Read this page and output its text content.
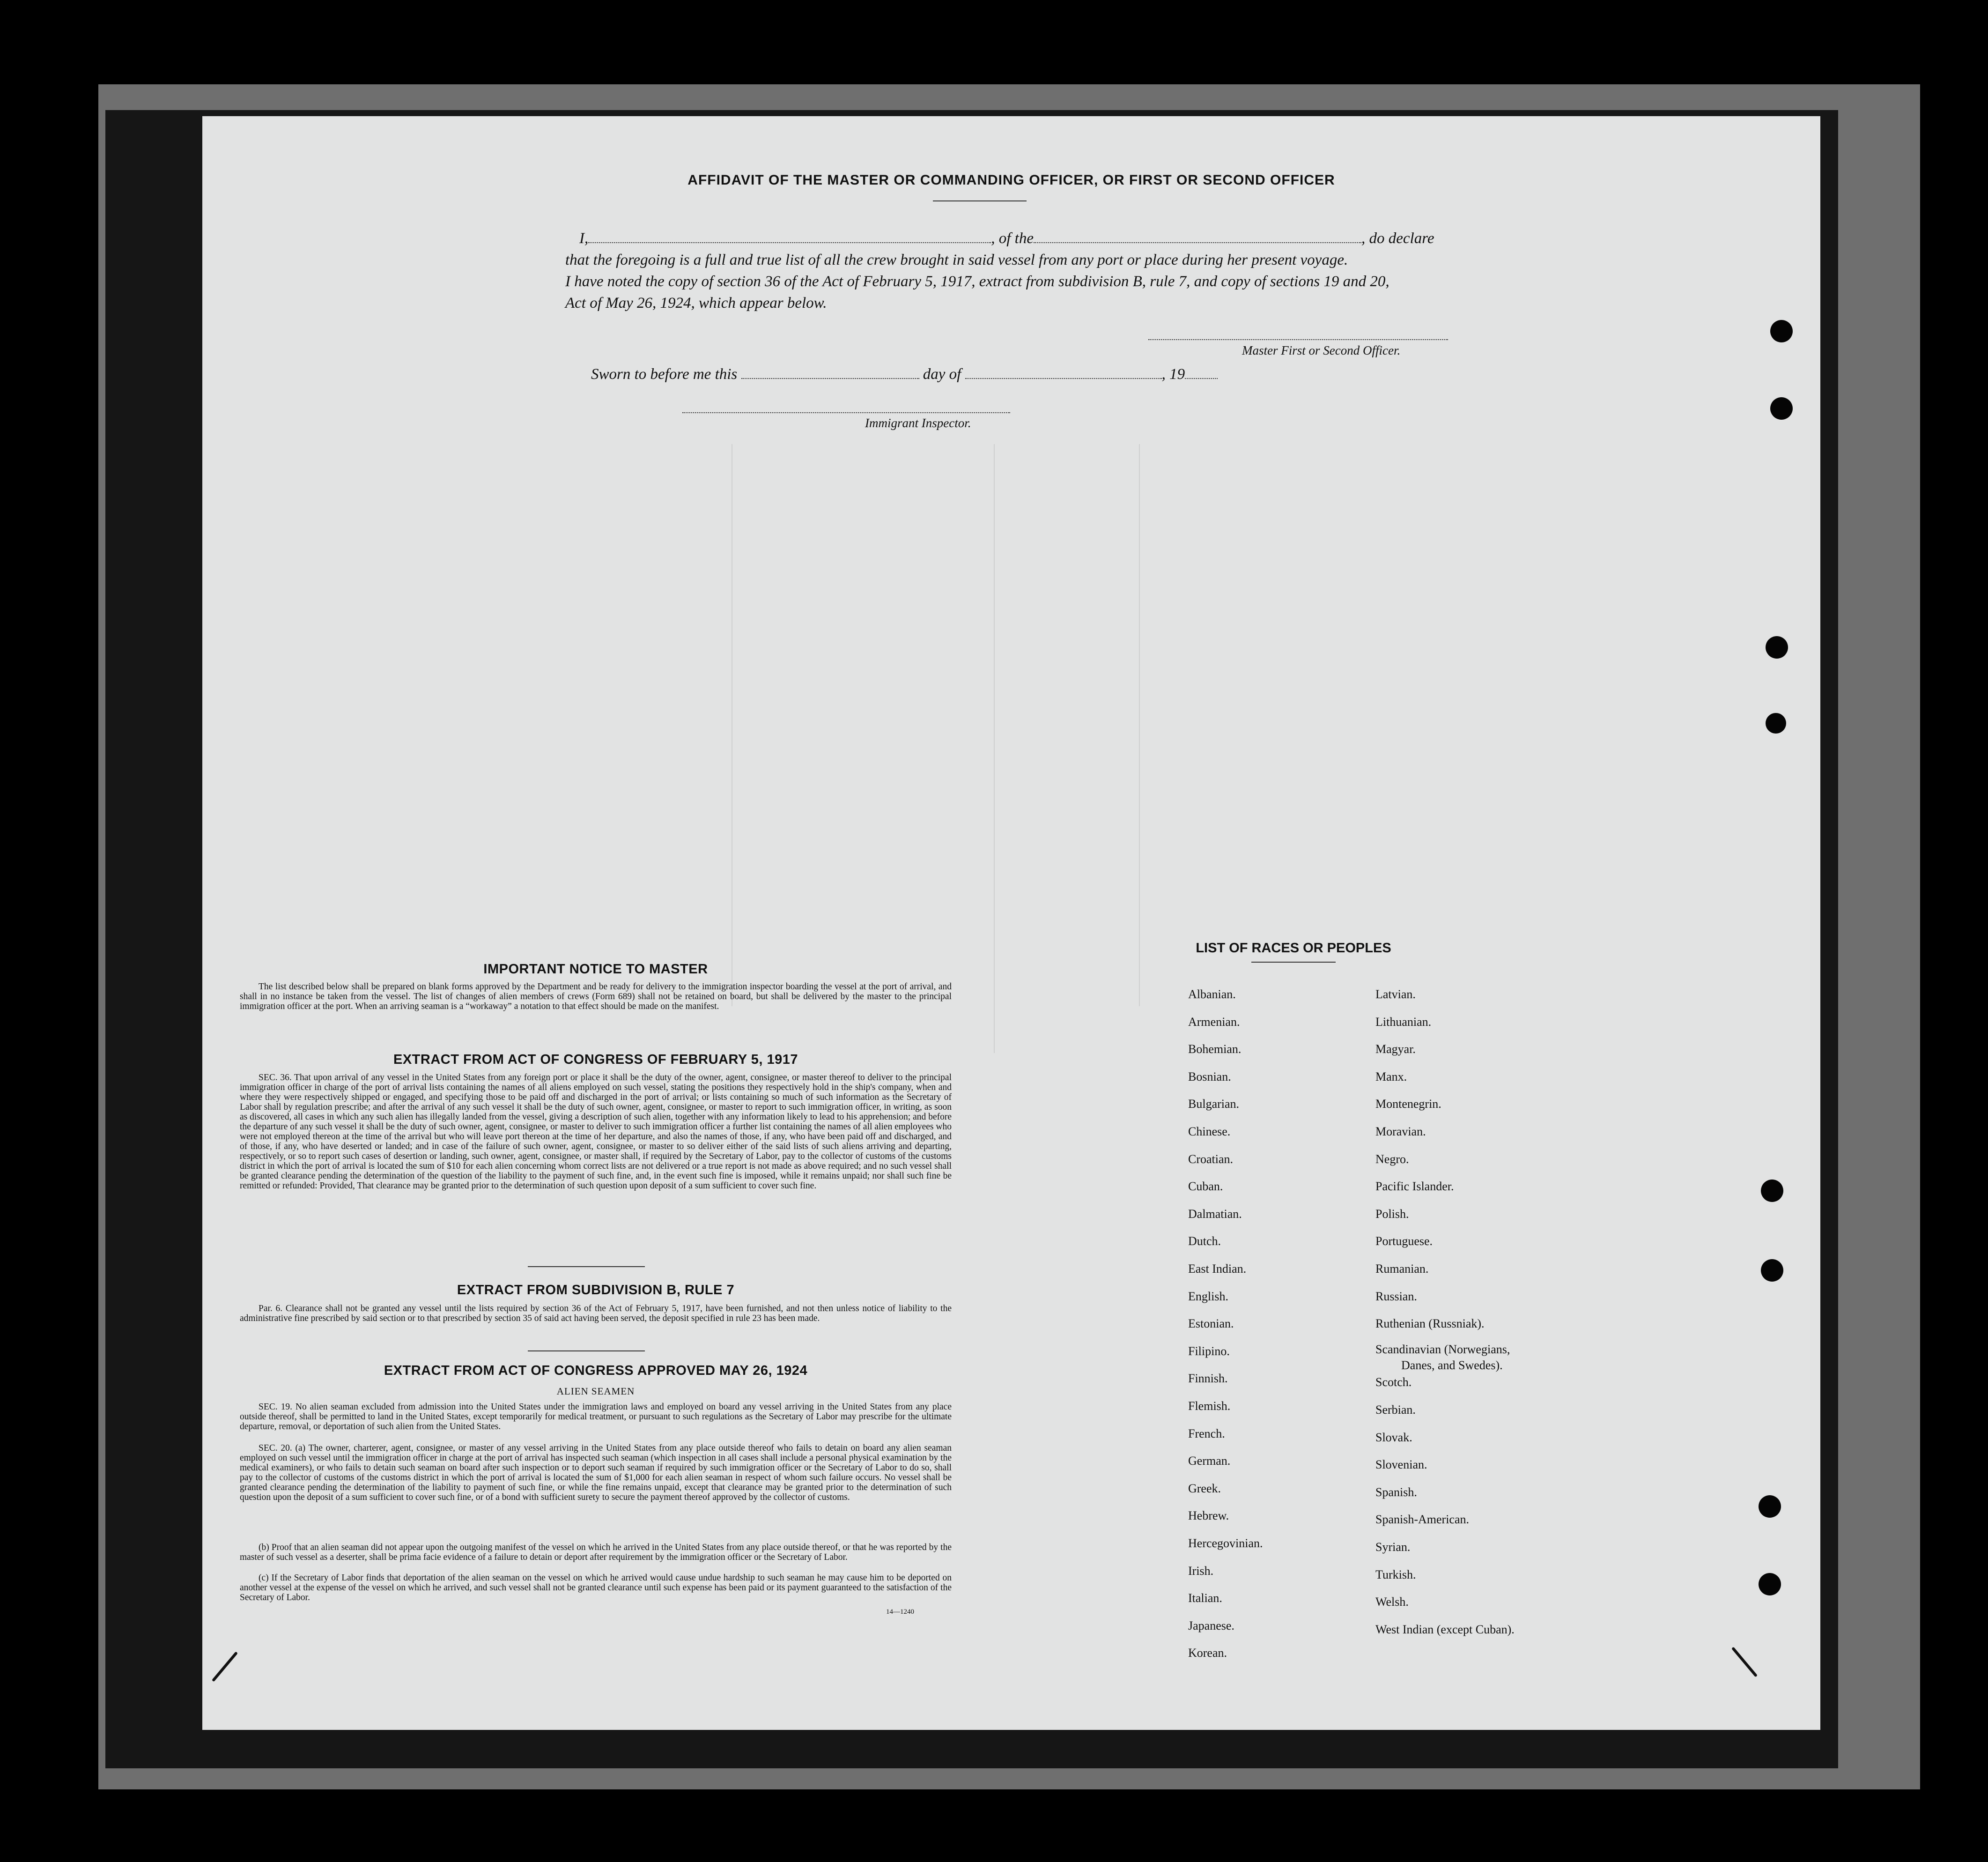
AFFIDAVIT OF THE MASTER OR COMMANDING OFFICER, OR FIRST OR SECOND OFFICER
I,	, of the	, do declare
that the foregoing is a full and true list of all the crew brought in said vessel from any port or place during her present voyage.
I have noted the copy of section 36 of the Act of February 5, 1917, extract from subdivision B, rule 7, and copy of sections 19 and 20,
Act of May 26, 1924, which appear below.
Master First or Second Officer.
Sworn to before me this	day of	, 19
Immigrant Inspector.
IMPORTANT NOTICE TO MASTER
The list described below shall be prepared on blank forms approved by the Department and be ready for delivery to the immigration inspector boarding the vessel at the port of arrival, and shall in no instance be taken from the vessel. The list of changes of alien members of crews (Form 689) shall not be retained on board, but shall be delivered by the master to the principal immigration officer at the port. When an arriving seaman is a “workaway” a notation to that effect should be made on the manifest.
EXTRACT FROM ACT OF CONGRESS OF FEBRUARY 5, 1917
SEC. 36. That upon arrival of any vessel in the United States from any foreign port or place it shall be the duty of the owner, agent, consignee, or master thereof to deliver to the principal immigration officer in charge of the port of arrival lists containing the names of all aliens employed on such vessel, stating the positions they respectively hold in the ship's company, when and where they were respectively shipped or engaged, and specifying those to be paid off and discharged in the port of arrival; or lists containing so much of such information as the Secretary of Labor shall by regulation prescribe; and after the arrival of any such vessel it shall be the duty of such owner, agent, consignee, or master to report to such immigration officer, in writing, as soon as discovered, all cases in which any such alien has illegally landed from the vessel, giving a description of such alien, together with any information likely to lead to his apprehension; and before the departure of any such vessel it shall be the duty of such owner, agent, consignee, or master to deliver to such immigration officer a further list containing the names of all alien employees who were not employed thereon at the time of the arrival but who will leave port thereon at the time of her departure, and also the names of those, if any, who have been paid off and discharged, and of those, if any, who have deserted or landed; and in case of the failure of such owner, agent, consignee, or master to so deliver either of the said lists of such aliens arriving and departing, respectively, or so to report such cases of desertion or landing, such owner, agent, consignee, or master shall, if required by the Secretary of Labor, pay to the collector of customs of the customs district in which the port of arrival is located the sum of $10 for each alien concerning whom correct lists are not delivered or a true report is not made as above required; and no such vessel shall be granted clearance pending the determination of the question of the liability to the payment of such fine, and, in the event such fine is imposed, while it remains unpaid; nor shall such fine be remitted or refunded: Provided, That clearance may be granted prior to the determination of such question upon deposit of a sum sufficient to cover such fine.
EXTRACT FROM SUBDIVISION B, RULE 7
Par. 6. Clearance shall not be granted any vessel until the lists required by section 36 of the Act of February 5, 1917, have been furnished, and not then unless notice of liability to the administrative fine prescribed by said section or to that prescribed by section 35 of said act having been served, the deposit specified in rule 23 has been made.
EXTRACT FROM ACT OF CONGRESS APPROVED MAY 26, 1924
ALIEN SEAMEN
SEC. 19. No alien seaman excluded from admission into the United States under the immigration laws and employed on board any vessel arriving in the United States from any place outside thereof, shall be permitted to land in the United States, except temporarily for medical treatment, or pursuant to such regulations as the Secretary of Labor may prescribe for the ultimate departure, removal, or deportation of such alien from the United States.
SEC. 20. (a) The owner, charterer, agent, consignee, or master of any vessel arriving in the United States from any place outside thereof who fails to detain on board any alien seaman employed on such vessel until the immigration officer in charge at the port of arrival has inspected such seaman (which inspection in all cases shall include a personal physical examination by the medical examiners), or who fails to detain such seaman on board after such inspection or to deport such seaman if required by such immigration officer or the Secretary of Labor to do so, shall pay to the collector of customs of the customs district in which the port of arrival is located the sum of $1,000 for each alien seaman in respect of whom such failure occurs. No vessel shall be granted clearance pending the determination of the liability to payment of such fine, or while the fine remains unpaid, except that clearance may be granted prior to the determination of such question upon the deposit of a sum sufficient to cover such fine, or of a bond with sufficient surety to secure the payment thereof approved by the collector of customs.
(b) Proof that an alien seaman did not appear upon the outgoing manifest of the vessel on which he arrived in the United States from any place outside thereof, or that he was reported by the master of such vessel as a deserter, shall be prima facie evidence of a failure to detain or deport after requirement by the immigration officer or the Secretary of Labor.
(c) If the Secretary of Labor finds that deportation of the alien seaman on the vessel on which he arrived would cause undue hardship to such seaman he may cause him to be deported on another vessel at the expense of the vessel on which he arrived, and such vessel shall not be granted clearance until such expense has been paid or its payment guaranteed to the satisfaction of the Secretary of Labor.
14—1240
LIST OF RACES OR PEOPLES
Albanian.
Armenian.
Bohemian.
Bosnian.
Bulgarian.
Chinese.
Croatian.
Cuban.
Dalmatian.
Dutch.
East Indian.
English.
Estonian.
Filipino.
Finnish.
Flemish.
French.
German.
Greek.
Hebrew.
Hercegovinian.
Irish.
Italian.
Japanese.
Korean.
Latvian.
Lithuanian.
Magyar.
Manx.
Montenegrin.
Moravian.
Negro.
Pacific Islander.
Polish.
Portuguese.
Rumanian.
Russian.
Ruthenian (Russniak).
Scandinavian (Norwegians,
Danes, and Swedes).
Scotch.
Serbian.
Slovak.
Slovenian.
Spanish.
Spanish-American.
Syrian.
Turkish.
Welsh.
West Indian (except Cuban).
